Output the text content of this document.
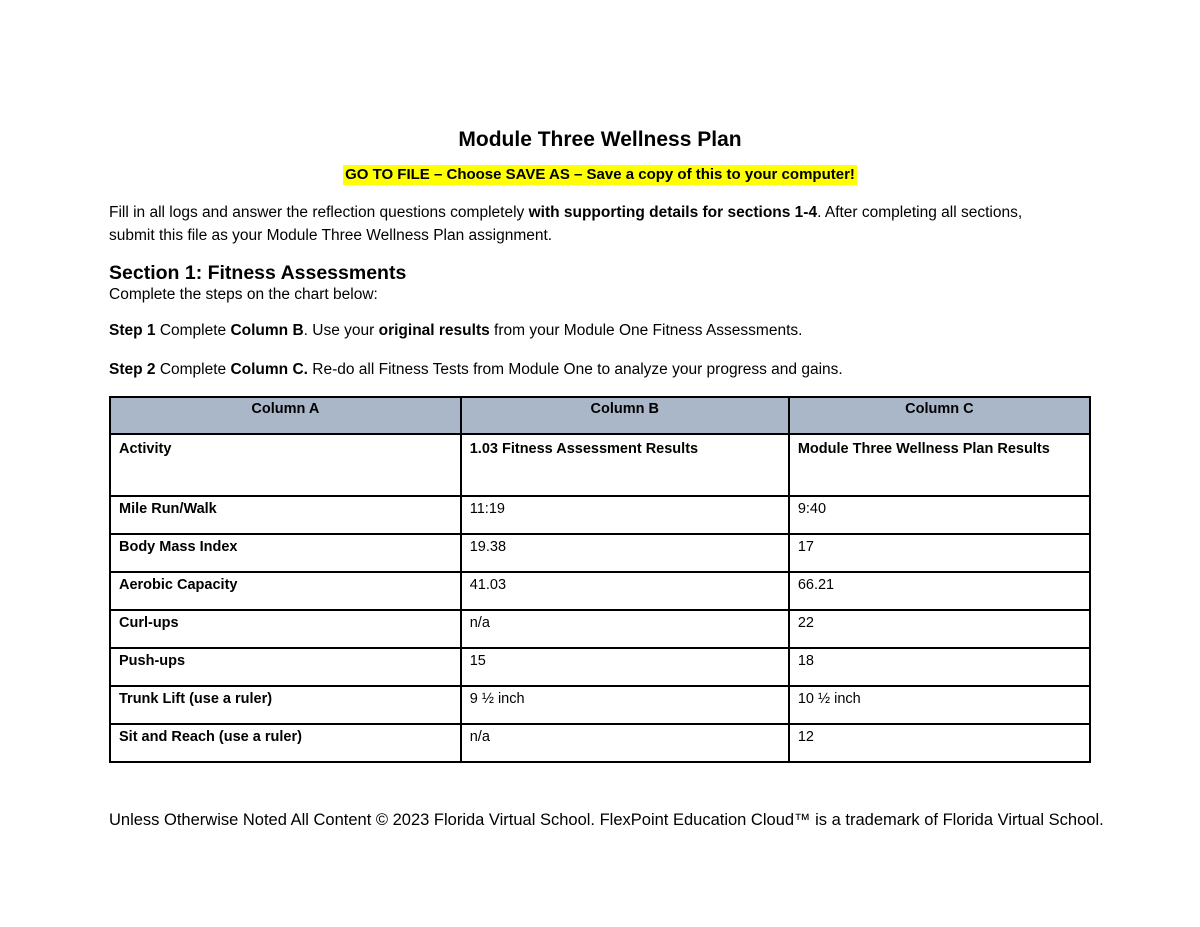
Module Three Wellness Plan
GO TO FILE – Choose SAVE AS – Save a copy of this to your computer!
Fill in all logs and answer the reflection questions completely with supporting details for sections 1-4. After completing all sections, submit this file as your Module Three Wellness Plan assignment.
Section 1: Fitness Assessments
Complete the steps on the chart below:
Step 1 Complete Column B. Use your original results from your Module One Fitness Assessments.
Step 2 Complete Column C. Re-do all Fitness Tests from Module One to analyze your progress and gains.
Column A	Column B	Column C
Activity	1.03 Fitness Assessment Results	Module Three Wellness Plan Results
Mile Run/Walk	11:19	9:40
Body Mass Index	19.38	17
Aerobic Capacity	41.03	66.21
Curl-ups	n/a	22
Push-ups	15	18
Trunk Lift (use a ruler)	9 ½ inch	10 ½ inch
Sit and Reach (use a ruler)	n/a	12
Unless Otherwise Noted All Content © 2023 Florida Virtual School. FlexPoint Education Cloud™ is a trademark of Florida Virtual School.
